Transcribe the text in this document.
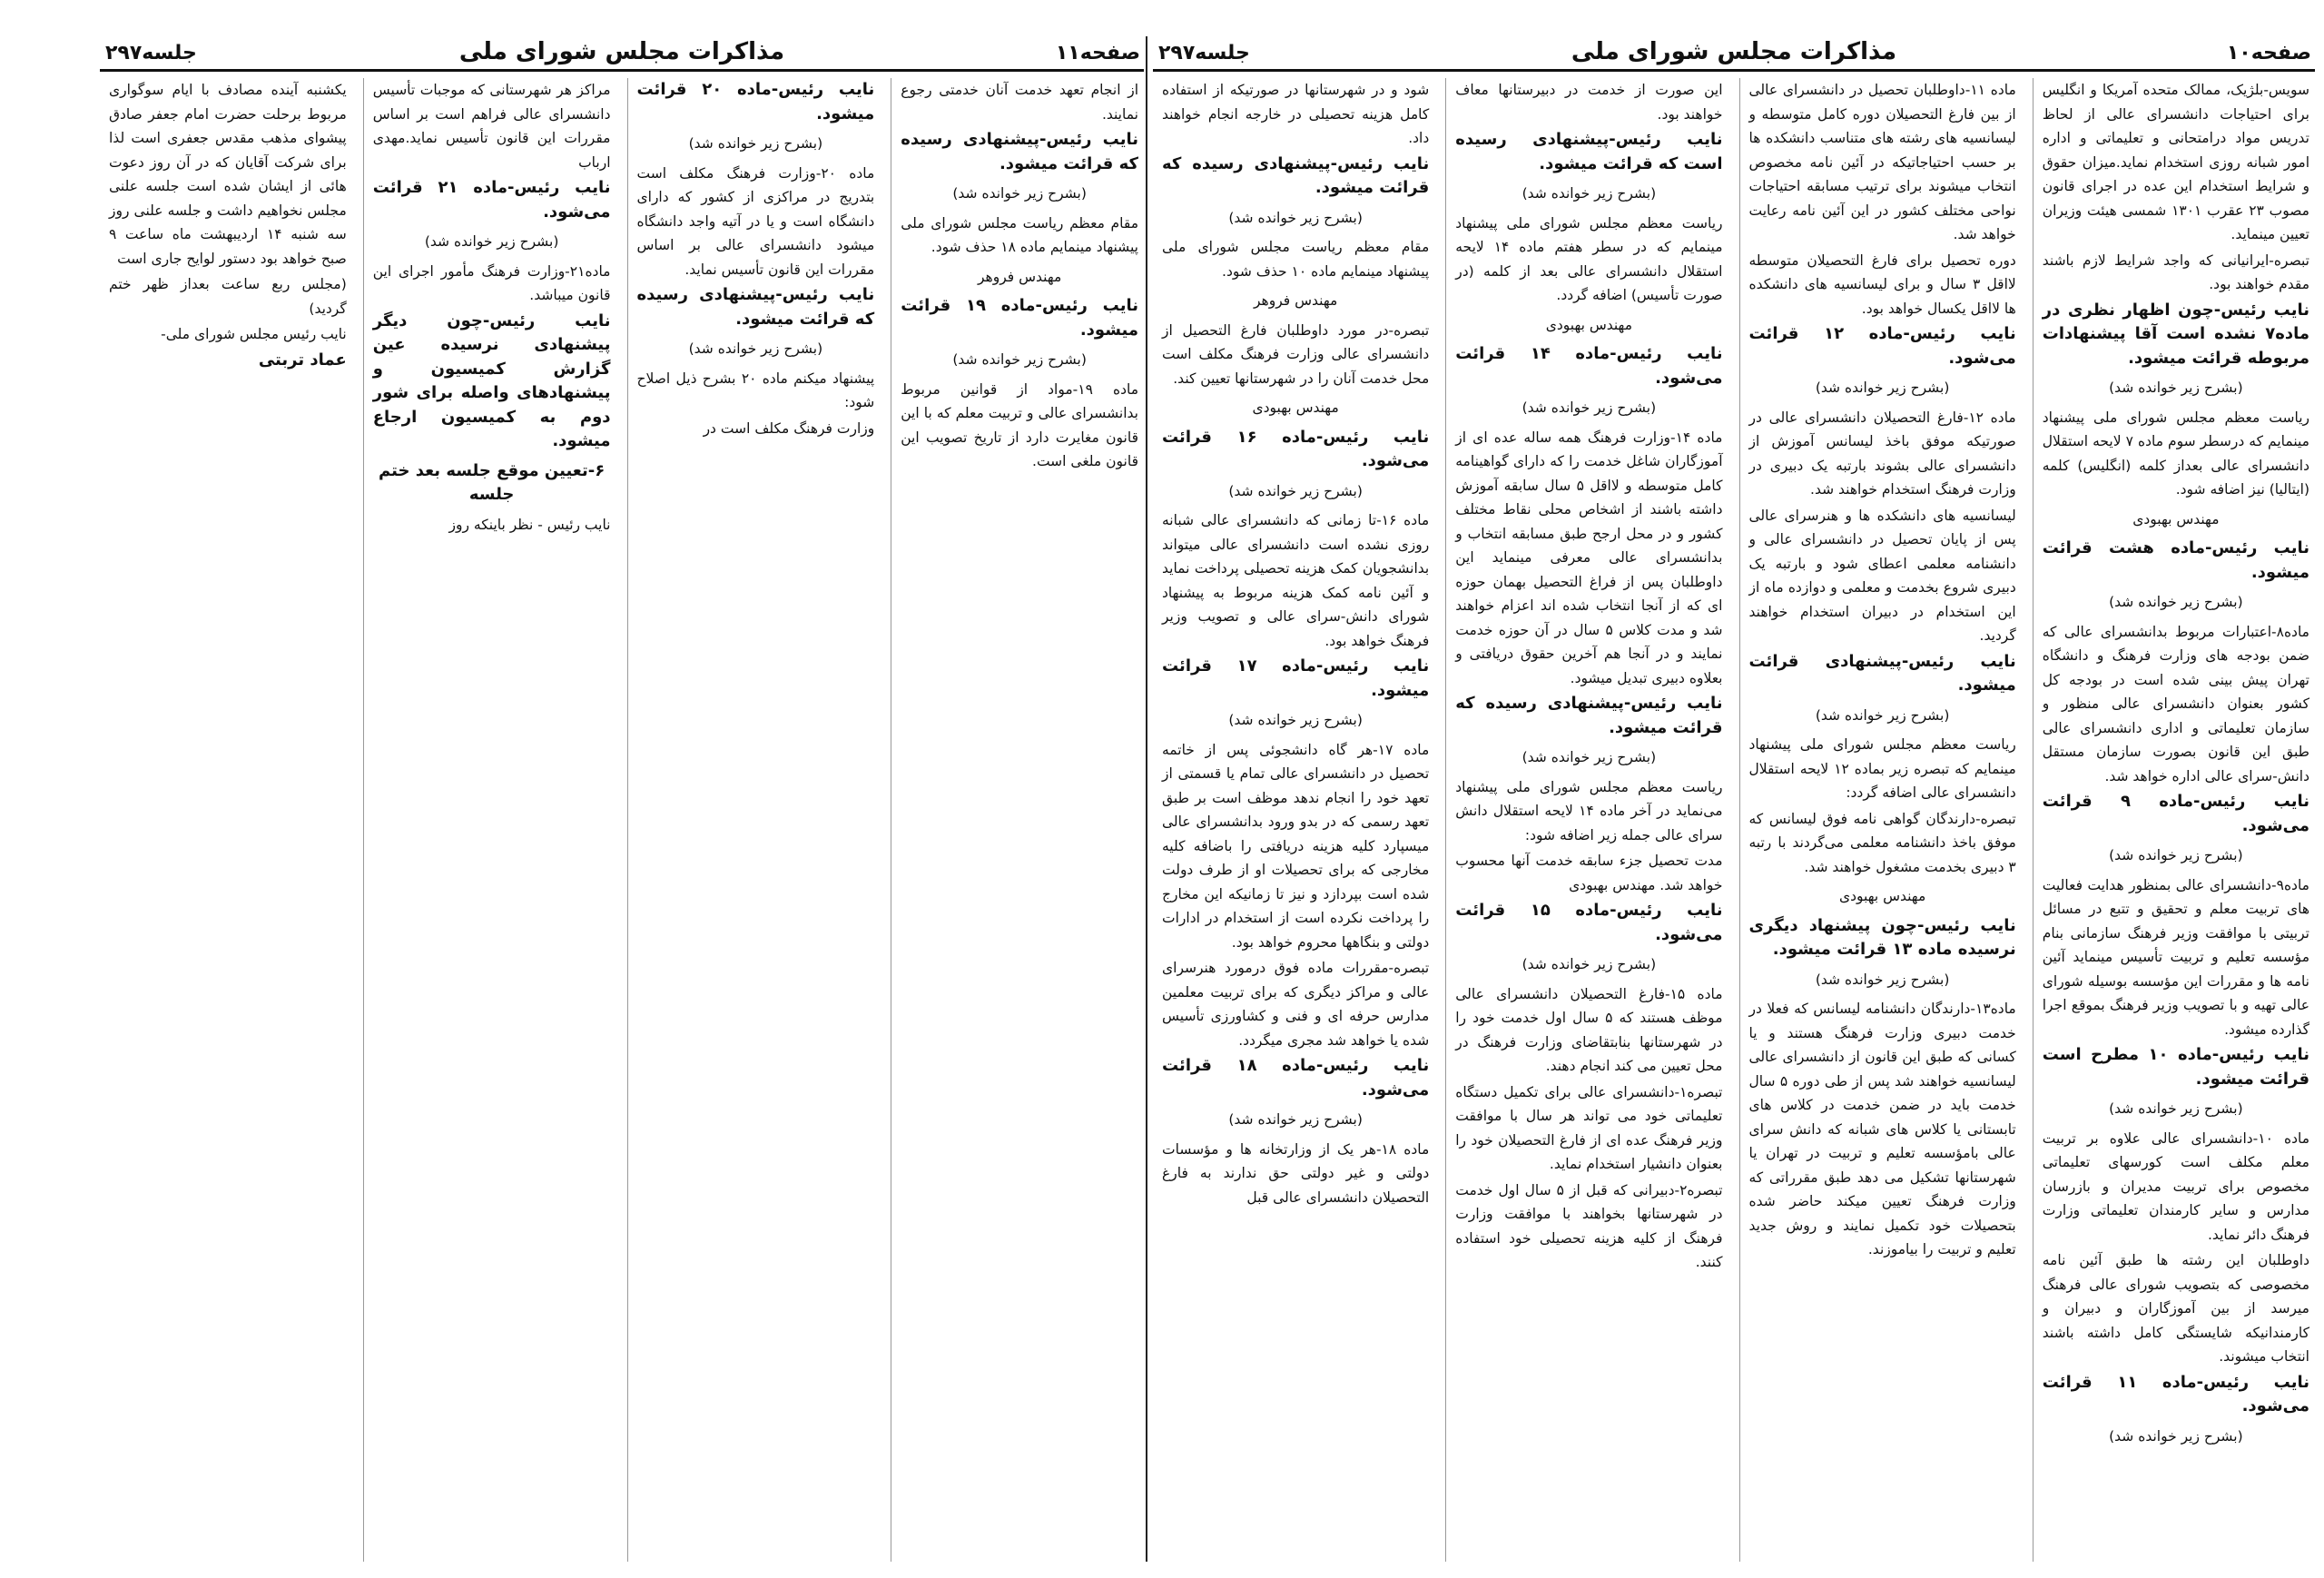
صفحه۱۱
مذاکرات مجلس شورای ملی
جلسه۲۹۷

از انجام تعهد خدمت آنان خدمتی رجوع نمایند.

نایب رئیس-پیشنهادی رسیده که قرائت میشود.

(بشرح زیر خوانده شد)

مقام معظم ریاست مجلس شورای ملی پیشنهاد مینمایم ماده ۱۸ حذف شود.

مهندس فروهر

نایب رئیس-ماده ۱۹ قرائت میشود.

(بشرح زیر خوانده شد)

ماده ۱۹-مواد از قوانین مربوط بدانشسرای عالی و تربیت معلم که با این قانون مغایرت دارد از تاریخ تصویب این قانون ملغی است.

نایب رئیس-ماده ۲۰ قرائت میشود.

(بشرح زیر خوانده شد)

ماده ۲۰-وزارت فرهنگ مکلف است بتدریج در مراکزی از کشور که دارای دانشگاه است و یا در آتیه واجد دانشگاه میشود دانشسرای عالی بر اساس مقررات این قانون تأسیس نماید.

نایب رئیس-پیشنهادی رسیده که قرائت میشود.

(بشرح زیر خوانده شد)

پیشنهاد میکنم ماده ۲۰ بشرح ذیل اصلاح شود:

وزارت فرهنگ مکلف است در

مراکز هر شهرستانی که موجبات تأسیس دانشسرای عالی فراهم است بر اساس مقررات این قانون تأسیس نماید.مهدی ارباب

نایب رئیس-ماده ۲۱ قرائت می‌شود.

(بشرح زیر خوانده شد)

ماده۲۱-وزارت فرهنگ مأمور اجرای این قانون میباشد.

نایب رئیس-چون دیگر پیشنهادی نرسیده عین گزارش کمیسیون و پیشنهادهای واصله برای شور دوم به کمیسیون ارجاع میشود.

۶-تعیین موقع جلسه بعد ختم جلسه

نایب رئیس - نظر باینکه روز

یکشنبه آینده مصادف با ایام سوگواری مربوط برحلت حضرت امام جعفر صادق پیشوای مذهب مقدس جعفری است لذا برای شرکت آقایان که در آن روز دعوت هائی از ایشان شده است جلسه علنی مجلس نخواهیم داشت و جلسه علنی روز سه شنبه ۱۴ اردیبهشت ماه ساعت ۹ صبح خواهد بود دستور لوایح جاری است

(مجلس ربع ساعت بعداز ظهر ختم گردید)

نایب رئیس مجلس شورای ملی-

عماد تربتی

صفحه۱۰
مذاکرات مجلس شورای ملی
جلسه۲۹۷

سویس-بلژیک، ممالک متحده آمریکا و انگلیس برای احتیاجات دانشسرای عالی از لحاظ تدریس مواد درامتحانی و تعلیماتی و اداره امور شبانه روزی استخدام نماید.میزان حقوق و شرایط استخدام این عده در اجرای قانون مصوب ۲۳ عقرب ۱۳۰۱ شمسی هیئت وزیران تعیین مینماید.

تبصره-ایرانیانی که واجد شرایط لازم باشند مقدم خواهند بود.

نایب رئیس-چون اظهار نظری در ماده۷ نشده است آقا پیشنهادات مربوطه قرائت میشود.

(بشرح زیر خوانده شد)

ریاست معظم مجلس شورای ملی پیشنهاد مینمایم که درسطر سوم ماده ۷ لایحه استقلال دانشسرای عالی بعداز کلمه (انگلیس) کلمه (ایتالیا) نیز اضافه شود.

مهندس بهبودی

نایب رئیس-ماده هشت قرائت میشود.

(بشرح زیر خوانده شد)

ماده۸-اعتبارات مربوط بدانشسرای عالی که ضمن بودجه های وزارت فرهنگ و دانشگاه تهران پیش بینی شده است در بودجه کل کشور بعنوان دانشسرای عالی منظور و سازمان تعلیماتی و اداری دانشسرای عالی طبق این قانون بصورت سازمان مستقل دانش-سرای عالی اداره خواهد شد.

نایب رئیس-ماده ۹ قرائت می‌شود.

(بشرح زیر خوانده شد)

ماده۹-دانشسرای عالی بمنظور هدایت فعالیت های تربیت معلم و تحقیق و تتبع در مسائل تربیتی با موافقت وزیر فرهنگ سازمانی بنام مؤسسه تعلیم و تربیت تأسیس مینماید آئین نامه ها و مقررات این مؤسسه بوسیله شورای عالی تهیه و با تصویب وزیر فرهنگ بموقع اجرا گذارده میشود.

نایب رئیس-ماده ۱۰ مطرح است قرائت میشود.

(بشرح زیر خوانده شد)

ماده ۱۰-دانشسرای عالی علاوه بر تربیت معلم مکلف است کورسهای تعلیماتی مخصوص برای تربیت مدیران و بازرسان مدارس و سایر کارمندان تعلیماتی وزارت فرهنگ دائر نماید.

داوطلبان این رشته ها طبق آئین نامه مخصوصی که بتصویب شورای عالی فرهنگ میرسد از بین آموزگاران و دبیران و کارمندانیکه شایستگی کامل داشته باشند انتخاب میشوند.

نایب رئیس-ماده ۱۱ قرائت می‌شود.

(بشرح زیر خوانده شد)

ماده ۱۱-داوطلبان تحصیل در دانشسرای عالی از بین فارغ التحصیلان دوره کامل متوسطه و لیسانسیه های رشته های متناسب دانشکده ها بر حسب احتیاجاتیکه در آئین نامه مخصوص انتخاب میشوند برای ترتیب مسابقه احتیاجات نواحی مختلف کشور در این آئین نامه رعایت خواهد شد.

دوره تحصیل برای فارغ التحصیلان متوسطه لااقل ۳ سال و برای لیسانسیه های دانشکده ها لااقل یکسال خواهد بود.

نایب رئیس-ماده ۱۲ قرائت می‌شود.

(بشرح زیر خوانده شد)

ماده ۱۲-فارغ التحصیلان دانشسرای عالی در صورتیکه موفق باخذ لیسانس آموزش از دانشسرای عالی بشوند بارتبه یک دبیری در وزارت فرهنگ استخدام خواهند شد.

لیسانسیه های دانشکده ها و هنرسرای عالی پس از پایان تحصیل در دانشسرای عالی و دانشنامه معلمی اعطای شود و بارتبه یک دبیری شروع بخدمت و معلمی و دوازده ماه از این استخدام در دبیران استخدام خواهند گردید.

نایب رئیس-پیشنهادی قرائت میشود.

(بشرح زیر خوانده شد)

ریاست معظم مجلس شورای ملی پیشنهاد مینمایم که تبصره زیر بماده ۱۲ لایحه استقلال دانشسرای عالی اضافه گردد:

تبصره-دارندگان گواهی نامه فوق لیسانس که موفق باخذ دانشنامه معلمی می‌گردند با رتبه ۳ دبیری بخدمت مشغول خواهند شد.

مهندس بهبودی

نایب رئیس-چون پیشنهاد دیگری نرسیده ماده ۱۳ قرائت میشود.

(بشرح زیر خوانده شد)

ماده۱۳-دارندگان دانشنامه لیسانس که فعلا در خدمت دبیری وزارت فرهنگ هستند و یا کسانی که طبق این قانون از دانشسرای عالی لیسانسیه خواهند شد پس از طی دوره ۵ سال خدمت باید در ضمن خدمت در کلاس های تابستانی یا کلاس های شبانه که دانش سرای عالی بامؤسسه تعلیم و تربیت در تهران یا شهرستانها تشکیل می دهد طبق مقرراتی که وزارت فرهنگ تعیین میکند حاضر شده بتحصیلات خود تکمیل نمایند و روش جدید تعلیم و تربیت را بیاموزند.

این صورت از خدمت در دبیرستانها معاف خواهند بود.

نایب رئیس-پیشنهادی رسیده است که قرائت میشود.

(بشرح زیر خوانده شد)

ریاست معظم مجلس شورای ملی پیشنهاد مینمایم که در سطر هفتم ماده ۱۴ لایحه استقلال دانشسرای عالی بعد از کلمه (در صورت تأسیس) اضافه گردد.

مهندس بهبودی

نایب رئیس-ماده ۱۴ قرائت می‌شود.

(بشرح زیر خوانده شد)

ماده ۱۴-وزارت فرهنگ همه ساله عده ای از آموزگاران شاغل خدمت را که دارای گواهینامه کامل متوسطه و لااقل ۵ سال سابقه آموزش داشته باشند از اشخاص محلی نقاط مختلف کشور و در محل ارجح طبق مسابقه انتخاب و بدانشسرای عالی معرفی مینماید این داوطلبان پس از فراغ التحصیل بهمان حوزه ای که از آنجا انتخاب شده اند اعزام خواهند شد و مدت کلاس ۵ سال در آن حوزه خدمت نمایند و در آنجا هم آخرین حقوق دریافتی و بعلاوه دبیری تبدیل میشود.

نایب رئیس-پیشنهادی رسیده که قرائت میشود.

(بشرح زیر خوانده شد)

ریاست معظم مجلس شورای ملی پیشنهاد می‌نماید در آخر ماده ۱۴ لایحه استقلال دانش سرای عالی جمله زیر اضافه شود:

مدت تحصیل جزء سابقه خدمت آنها محسوب خواهد شد. مهندس بهبودی

نایب رئیس-ماده ۱۵ قرائت می‌شود.

(بشرح زیر خوانده شد)

ماده ۱۵-فارغ التحصیلان دانشسرای عالی موظف هستند که ۵ سال اول خدمت خود را در شهرستانها بنابتقاضای وزارت فرهنگ در محل تعیین می کند انجام دهند.

تبصره۱-دانشسرای عالی برای تکمیل دستگاه تعلیماتی خود می تواند هر سال با موافقت وزیر فرهنگ عده ای از فارغ التحصیلان خود را بعنوان دانشیار استخدام نماید.

تبصره۲-دبیرانی که قبل از ۵ سال اول خدمت در شهرستانها بخواهند با موافقت وزارت فرهنگ از کلیه هزینه تحصیلی خود استفاده کنند.

شود و در شهرستانها در صورتیکه از استفاده کامل هزینه تحصیلی در خارجه انجام خواهند داد.

نایب رئیس-پیشنهادی رسیده که قرائت میشود.

(بشرح زیر خوانده شد)

مقام معظم ریاست مجلس شورای ملی پیشنهاد مینمایم ماده ۱۰ حذف شود.

مهندس فروهر

تبصره-در مورد داوطلبان فارغ التحصیل از دانشسرای عالی وزارت فرهنگ مکلف است محل خدمت آنان را در شهرستانها تعیین کند.

مهندس بهبودی

نایب رئیس-ماده ۱۶ قرائت می‌شود.

(بشرح زیر خوانده شد)

ماده ۱۶-تا زمانی که دانشسرای عالی شبانه روزی نشده است دانشسرای عالی میتواند بدانشجویان کمک هزینه تحصیلی پرداخت نماید و آئین نامه کمک هزینه مربوط به پیشنهاد شورای دانش-سرای عالی و تصویب وزیر فرهنگ خواهد بود.

نایب رئیس-ماده ۱۷ قرائت میشود.

(بشرح زیر خوانده شد)

ماده ۱۷-هر گاه دانشجوئی پس از خاتمه تحصیل در دانشسرای عالی تمام یا قسمتی از تعهد خود را انجام ندهد موظف است بر طبق تعهد رسمی که در بدو ورود بدانشسرای عالی میسپارد کلیه هزینه دریافتی را باضافه کلیه مخارجی که برای تحصیلات او از طرف دولت شده است بپردازد و نیز تا زمانیکه این مخارج را پرداخت نکرده است از استخدام در ادارات دولتی و بنگاهها محروم خواهد بود.

تبصره-مقررات ماده فوق درمورد هنرسرای عالی و مراکز دیگری که برای تربیت معلمین مدارس حرفه ای و فنی و کشاورزی تأسیس شده یا خواهد شد مجری میگردد.

نایب رئیس-ماده ۱۸ قرائت می‌شود.

(بشرح زیر خوانده شد)

ماده ۱۸-هر یک از وزارتخانه ها و مؤسسات دولتی و غیر دولتی حق ندارند به فارغ التحصیلان دانشسرای عالی قبل
